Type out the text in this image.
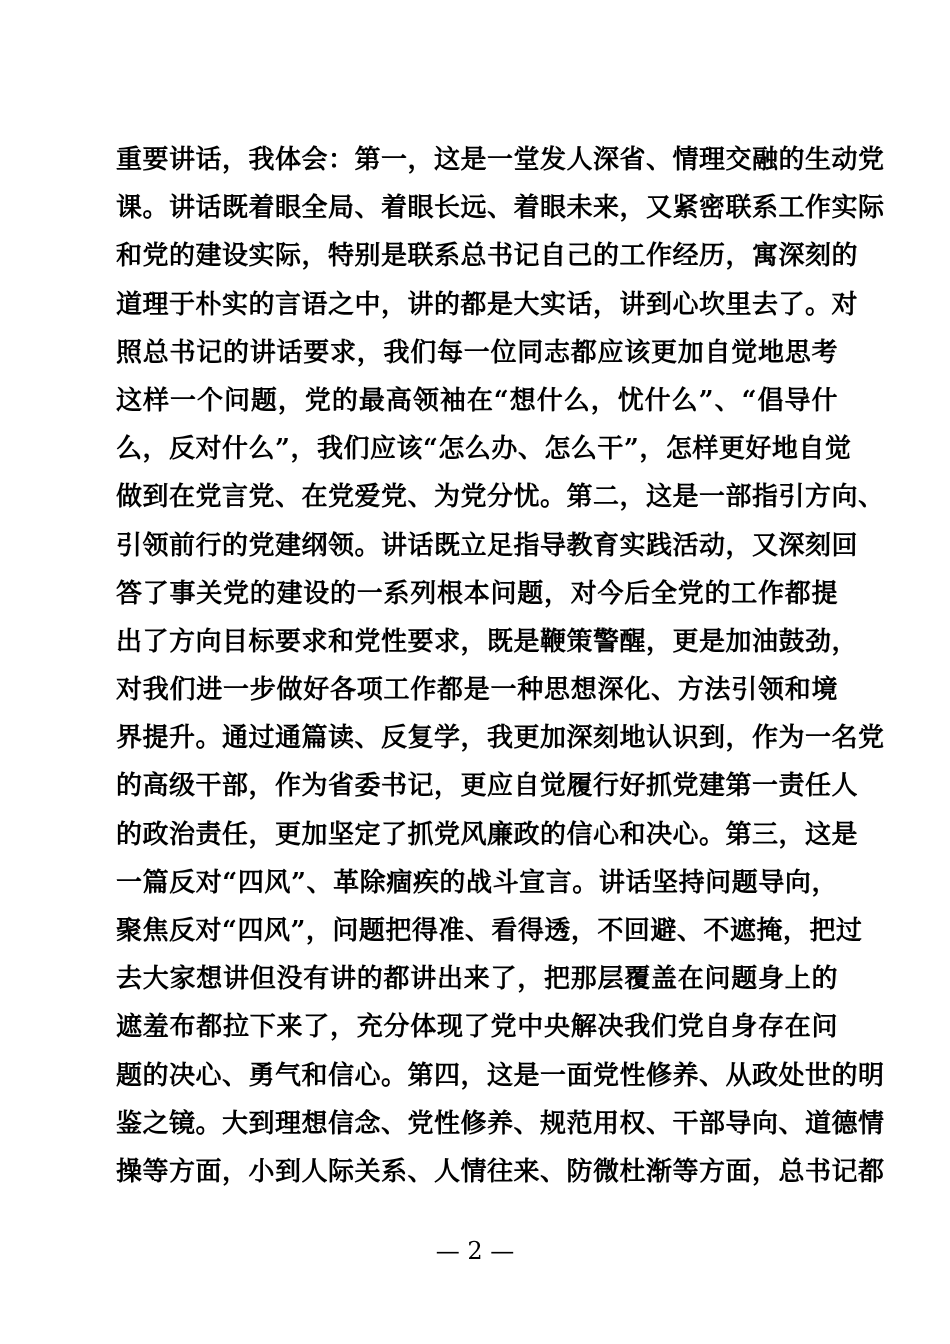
重要讲话，我体会：第一，这是一堂发人深省、情理交融的生动党
课。讲话既着眼全局、着眼长远、着眼未来，又紧密联系工作实际
和党的建设实际，特别是联系总书记自己的工作经历，寓深刻的
道理于朴实的言语之中，讲的都是大实话，讲到心坎里去了。对
照总书记的讲话要求，我们每一位同志都应该更加自觉地思考
这样一个问题，党的最高领袖在“想什么，忧什么”、“倡导什
么，反对什么”，我们应该“怎么办、怎么干”，怎样更好地自觉
做到在党言党、在党爱党、为党分忧。第二，这是一部指引方向、
引领前行的党建纲领。讲话既立足指导教育实践活动，又深刻回
答了事关党的建设的一系列根本问题，对今后全党的工作都提
出了方向目标要求和党性要求，既是鞭策警醒，更是加油鼓劲，
对我们进一步做好各项工作都是一种思想深化、方法引领和境
界提升。通过通篇读、反复学，我更加深刻地认识到，作为一名党
的高级干部，作为省委书记，更应自觉履行好抓党建第一责任人
的政治责任，更加坚定了抓党风廉政的信心和决心。第三，这是
一篇反对“四风”、革除痼疾的战斗宣言。讲话坚持问题导向，
聚焦反对“四风”，问题把得准、看得透，不回避、不遮掩，把过
去大家想讲但没有讲的都讲出来了，把那层覆盖在问题身上的
遮羞布都拉下来了，充分体现了党中央解决我们党自身存在问
题的决心、勇气和信心。第四，这是一面党性修养、从政处世的明
鉴之镜。大到理想信念、党性修养、规范用权、干部导向、道德情
操等方面，小到人际关系、人情往来、防微杜渐等方面，总书记都
— 2 —
